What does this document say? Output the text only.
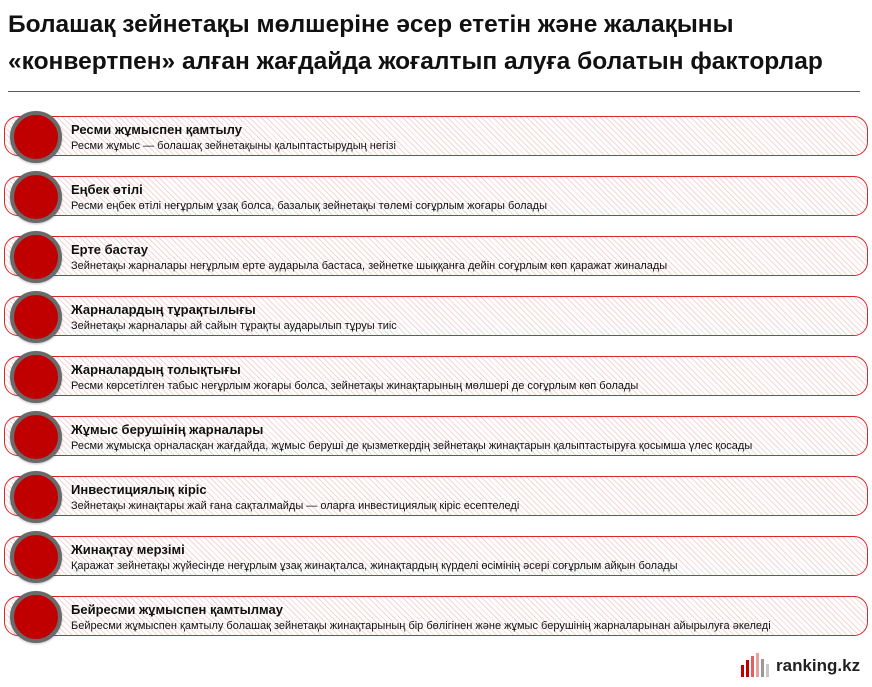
Болашақ зейнетақы мөлшеріне әсер ететін және жалақыны «конвертпен» алған жағдайда жоғалтып алуға болатын факторлар
Ресми жұмыспен қамтылу
Ресми жұмыс — болашақ зейнетақыны қалыптастырудың негізі
Еңбек өтілі
Ресми еңбек өтілі неғұрлым ұзақ болса, базалық зейнетақы төлемі соғұрлым жоғары болады
Ерте бастау
Зейнетақы жарналары неғұрлым ерте аударыла бастаса, зейнетке шыққанға дейін соғұрлым көп қаражат жиналады
Жарналардың тұрақтылығы
Зейнетақы жарналары ай сайын тұрақты аударылып тұруы тиіс
Жарналардың толықтығы
Ресми көрсетілген табыс неғұрлым жоғары болса, зейнетақы жинақтарының мөлшері де соғұрлым көп болады
Жұмыс берушінің жарналары
Ресми жұмысқа орналасқан жағдайда, жұмыс беруші де қызметкердің зейнетақы жинақтарын қалыптастыруға қосымша үлес қосады
Инвестициялық кіріс
Зейнетақы жинақтары жай ғана сақталмайды — оларға инвестициялық кіріс есептеледі
Жинақтау мерзімі
Қаражат зейнетақы жүйесінде неғұрлым ұзақ жинақталса, жинақтардың күрделі өсімінің әсері соғұрлым айқын болады
Бейресми жұмыспен қамтылмау
Бейресми жұмыспен қамтылу болашақ зейнетақы жинақтарының бір бөлігінен және жұмыс берушінің жарналарынан айырылуға әкеледі
ranking.kz
